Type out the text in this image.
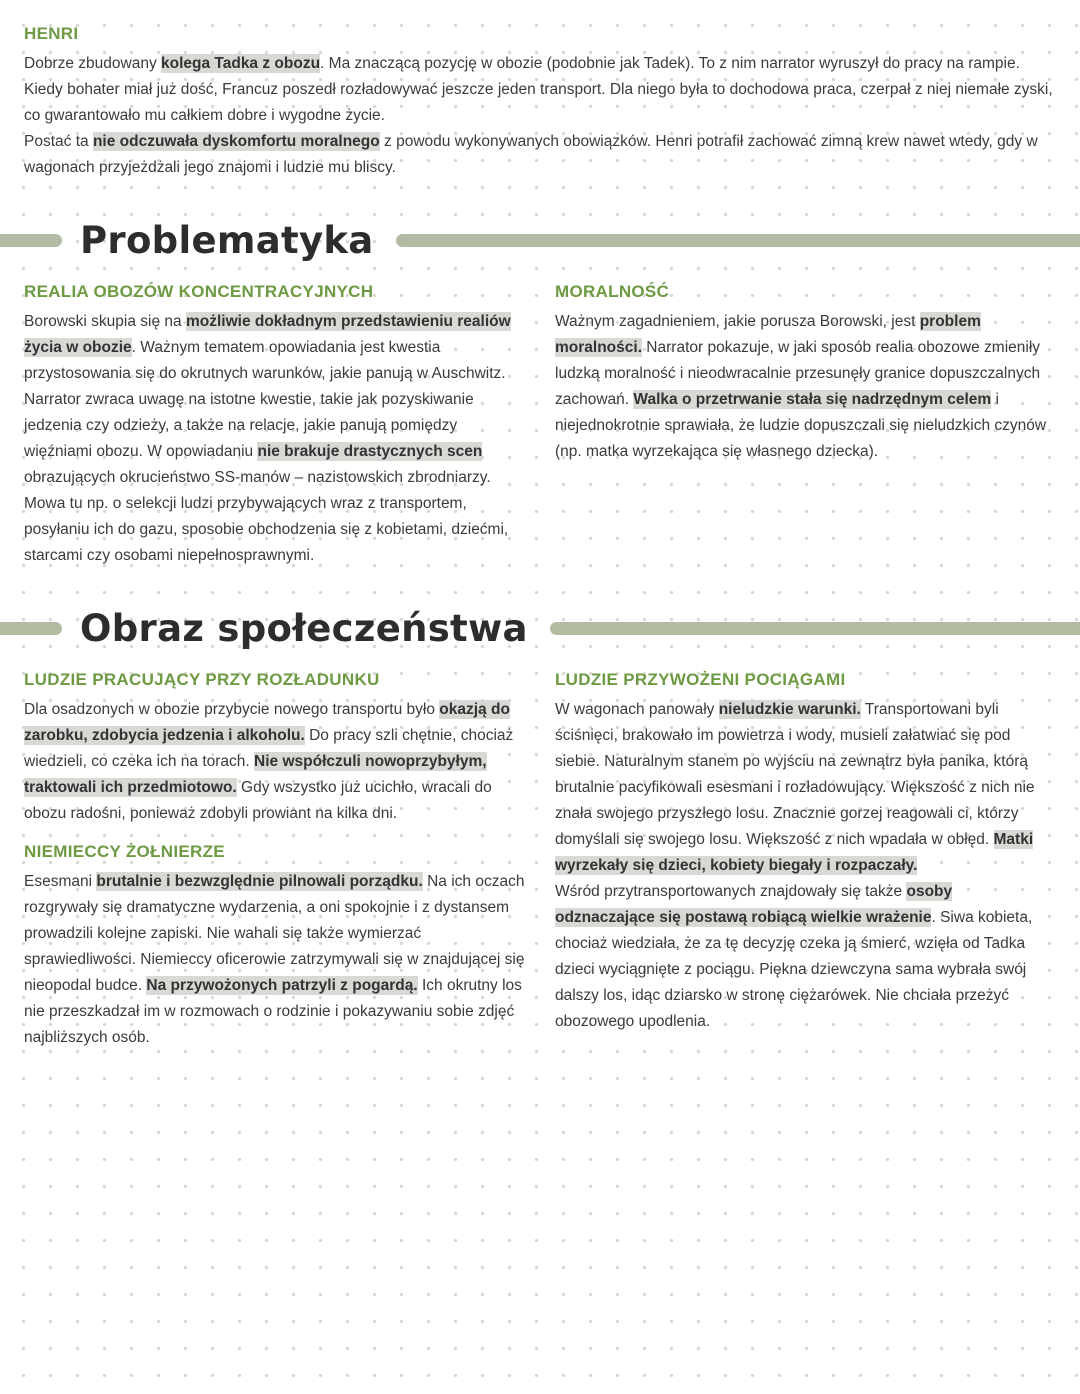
HENRI

Dobrze zbudowany kolega Tadka z obozu. Ma znaczącą pozycję w obozie (podobnie jak Tadek). To z nim narrator wyruszył do pracy na rampie. Kiedy bohater miał już dość, Francuz poszedł rozładowywać jeszcze jeden transport. Dla niego była to dochodowa praca, czerpał z niej niemałe zyski, co gwarantowało mu całkiem dobre i wygodne życie.

Postać ta nie odczuwała dyskomfortu moralnego z powodu wykonywanych obowiązków. Henri potrafił zachować zimną krew nawet wtedy, gdy w wagonach przyjeżdżali jego znajomi i ludzie mu bliscy.

Problematyka
REALIA OBOZÓW KONCENTRACYJNYCH

Borowski skupia się na możliwie dokładnym przedstawieniu realiów życia w obozie. Ważnym tematem opowiadania jest kwestia przystosowania się do okrutnych warunków, jakie panują w Auschwitz. Narrator zwraca uwagę na istotne kwestie, takie jak pozyskiwanie jedzenia czy odzieży, a także na relacje, jakie panują pomiędzy więźniami obozu. W opowiadaniu nie brakuje drastycznych scen obrazujących okrucieństwo SS-manów – nazistowskich zbrodniarzy. Mowa tu np. o selekcji ludzi przybywających wraz z transportem, posyłaniu ich do gazu, sposobie obchodzenia się z kobietami, dziećmi, starcami czy osobami niepełnosprawnymi.

MORALNOŚĆ

Ważnym zagadnieniem, jakie porusza Borowski, jest problem moralności. Narrator pokazuje, w jaki sposób realia obozowe zmieniły ludzką moralność i nieodwracalnie przesunęły granice dopuszczalnych zachowań. Walka o przetrwanie stała się nadrzędnym celem i niejednokrotnie sprawiała, że ludzie dopuszczali się nieludzkich czynów (np. matka wyrzekająca się własnego dziecka).

Obraz społeczeństwa
LUDZIE PRACUJĄCY PRZY ROZŁADUNKU

Dla osadzonych w obozie przybycie nowego transportu było okazją do zarobku, zdobycia jedzenia i alkoholu. Do pracy szli chętnie, chociaż wiedzieli, co czeka ich na torach. Nie współczuli nowoprzybyłym, traktowali ich przedmiotowo. Gdy wszystko już ucichło, wracali do obozu radośni, ponieważ zdobyli prowiant na kilka dni.

NIEMIECCY ŻOŁNIERZE

Esesmani brutalnie i bezwzględnie pilnowali porządku. Na ich oczach rozgrywały się dramatyczne wydarzenia, a oni spokojnie i z dystansem prowadzili kolejne zapiski. Nie wahali się także wymierzać sprawiedliwości. Niemieccy oficerowie zatrzymywali się w znajdującej się nieopodal budce. Na przywożonych patrzyli z pogardą. Ich okrutny los nie przeszkadzał im w rozmowach o rodzinie i pokazywaniu sobie zdjęć najbliższych osób.

LUDZIE PRZYWOŻENI POCIĄGAMI

W wagonach panowały nieludzkie warunki. Transportowani byli ściśnięci, brakowało im powietrza i wody, musieli załatwiać się pod siebie. Naturalnym stanem po wyjściu na zewnątrz była panika, którą brutalnie pacyfikowali esesmani i rozładowujący. Większość z nich nie znała swojego przyszłego losu. Znacznie gorzej reagowali ci, którzy domyślali się swojego losu. Większość z nich wpadała w obłęd. Matki wyrzekały się dzieci, kobiety biegały i rozpaczały.

Wśród przytransportowanych znajdowały się także osoby odznaczające się postawą robiącą wielkie wrażenie. Siwa kobieta, chociaż wiedziała, że za tę decyzję czeka ją śmierć, wzięła od Tadka dzieci wyciągnięte z pociągu. Piękna dziewczyna sama wybrała swój dalszy los, idąc dziarsko w stronę ciężarówek. Nie chciała przeżyć obozowego upodlenia.
